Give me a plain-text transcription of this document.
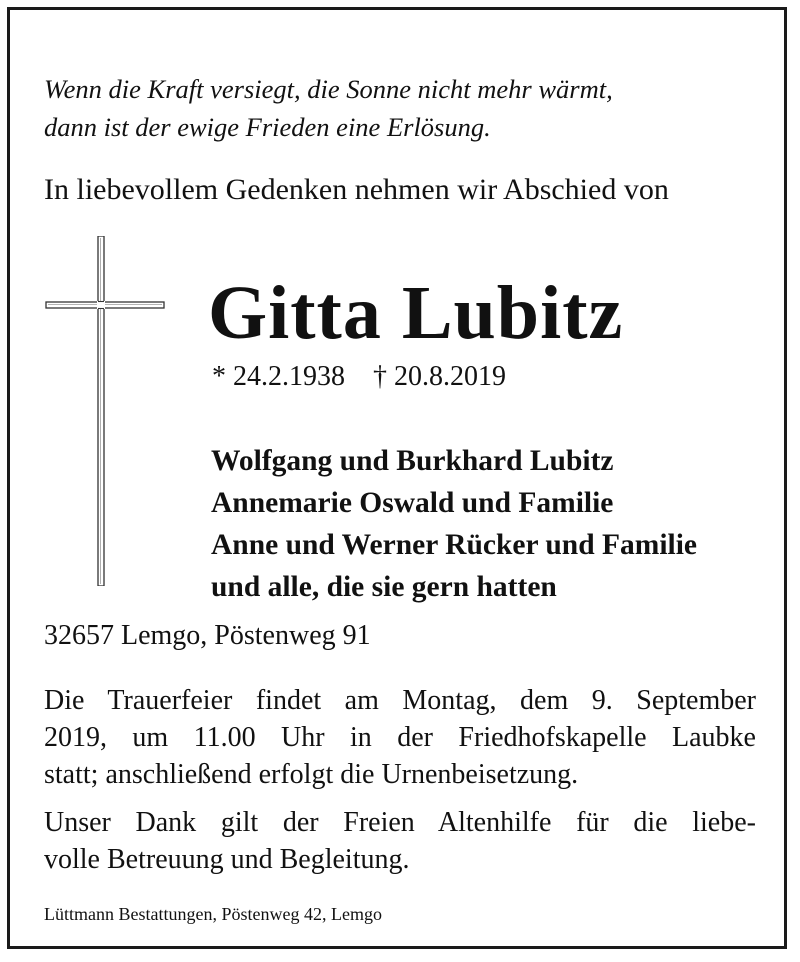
Wenn die Kraft versiegt, die Sonne nicht mehr wärmt,
dann ist der ewige Frieden eine Erlösung.
In liebevollem Gedenken nehmen wir Abschied von
Gitta Lubitz
* 24.2.1938 † 20.8.2019
Wolfgang und Burkhard Lubitz
Annemarie Oswald und Familie
Anne und Werner Rücker und Familie
und alle, die sie gern hatten
32657 Lemgo, Pöstenweg 91
Die Trauerfeier findet am Montag, dem 9. September
2019, um 11.00 Uhr in der Friedhofskapelle Laubke
statt; anschließend erfolgt die Urnenbeisetzung.
Unser Dank gilt der Freien Altenhilfe für die liebe-
volle Betreuung und Begleitung.
Lüttmann Bestattungen, Pöstenweg 42, Lemgo
